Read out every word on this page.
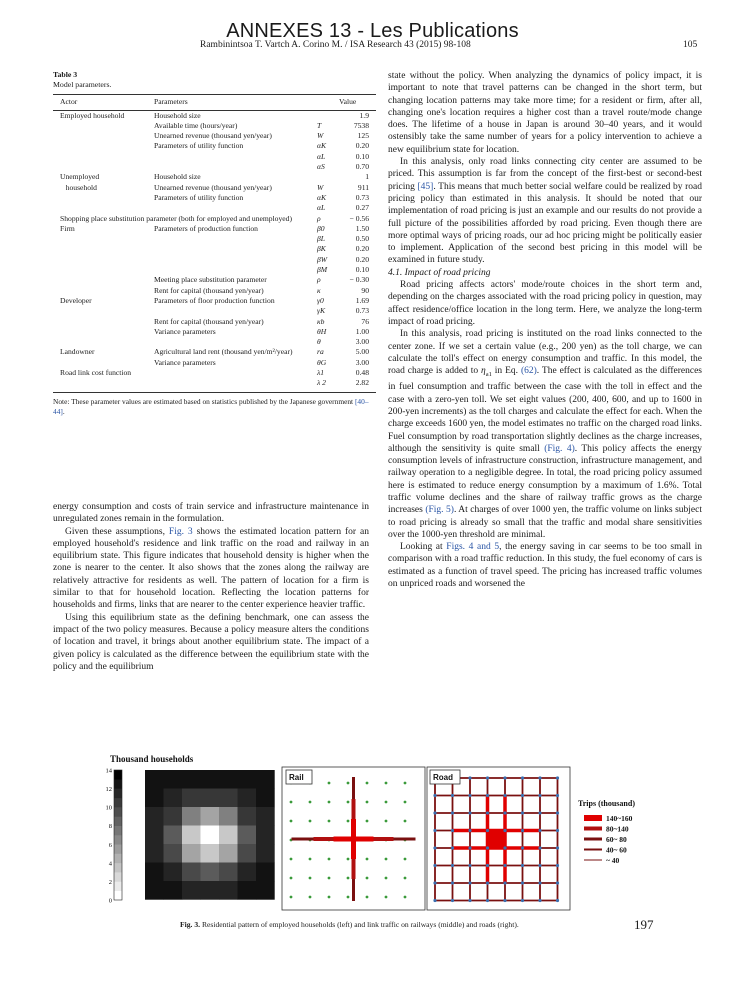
ANNEXES 13 - Les Publications
Rambinintsoa T. Vartch A. Corino M. / ISA Research 43 (2015) 98-108	105
Table 3
Model parameters.
Actor	Parameters		Value
Employed household	Household size		1.9
	Available time (hours/year)	T	7538
	Unearned revenue (thousand yen/year)	W	125
	Parameters of utility function	αK	0.20
		αL	0.10
		αS	0.70
Unemployed	Household size		1
household	Unearned revenue (thousand yen/year)	W	911
	Parameters of utility function	αK	0.73
		αL	0.27
Shopping place substitution parameter (both for employed and unemployed)		ρ	− 0.56
Firm	Parameters of production function	β0	1.50
		βL	0.50
		βK	0.20
		βW	0.20
		βM	0.10
	Meeting place substitution parameter	ρ	− 0.30
	Rent for capital (thousand yen/year)	κ	90
Developer	Parameters of floor production function	γ0	1.69
		γK	0.73
	Rent for capital (thousand yen/year)	κb	76
	Variance parameters	θH	1.00
		θ	3.00
Landowner	Agricultural land rent (thousand yen/m²/year)	ra	5.00
	Variance parameters	θG	3.00
Road link cost function		λ1	0.48
		λ 2	2.82
Note: These parameter values are estimated based on statistics published by the Japanese government [40–44].

energy consumption and costs of train service and infrastructure maintenance in unregulated zones remain in the formulation.

Given these assumptions, Fig. 3 shows the estimated location pattern for an employed household's residence and link traffic on the road and railway in an equilibrium state. This figure indicates that household density is higher when the zone is nearer to the center. It also shows that the zones along the railway are relatively attractive for residents as well. The pattern of location for a firm is similar to that for household location. Reflecting the location patterns for households and firms, links that are nearer to the center experience heavier traffic.

Using this equilibrium state as the defining benchmark, one can assess the impact of the two policy measures. Because a policy measure alters the conditions of location and travel, it brings about another equilibrium state. The impact of a given policy is calculated as the difference between the equilibrium state with the policy and the equilibrium

state without the policy. When analyzing the dynamics of policy impact, it is important to note that travel patterns can be changed in the short term, but changing location patterns may take more time; for a resident or firm, after all, changing one's location requires a higher cost than a travel route/mode change does. The lifetime of a house in Japan is around 30–40 years, and it would ostensibly take the same number of years for a policy intervention to achieve a new equilibrium state for location.

In this analysis, only road links connecting city center are assumed to be priced. This assumption is far from the concept of the first-best or second-best pricing [45]. This means that much better social welfare could be realized by road pricing policy than estimated in this analysis. It should be noted that our implementation of road pricing is just an example and our results do not provide a full picture of the possibilities afforded by road pricing. Even though there are more optimal ways of pricing roads, our ad hoc pricing might be politically easier to implement. Application of the second best pricing in this model will be examined in future study.

4.1. Impact of road pricing

Road pricing affects actors' mode/route choices in the short term and, depending on the charges associated with the road pricing policy in question, may affect residence/office location in the long term. Here, we analyze the long-term impact of road pricing.

In this analysis, road pricing is instituted on the road links connected to the center zone. If we set a certain value (e.g., 200 yen) as the toll charge, we can calculate the toll's effect on energy consumption and traffic. In this model, the road charge is added to $\eta_{a1}$ in Eq. (62). The effect is calculated as the differences in fuel consumption and traffic between the case with the toll in effect and the case with a zero-yen toll. We set eight values (200, 400, 600, and up to 1600 in 200-yen increments) as the toll charges and calculate the effect for each. When the charge exceeds 1600 yen, the model estimates no traffic on the charged road links. Fuel consumption by road transportation slightly declines as the charge increases, although the sensitivity is quite small (Fig. 4). This policy affects the energy consumption levels of infrastructure construction, infrastructure management, and railway operation to a negligible degree. In total, the road pricing policy assumed here is estimated to reduce energy consumption by a maximum of 1.6%. Total traffic volume declines and the share of railway traffic grows as the charge increases (Fig. 5). At charges of over 1000 yen, the traffic volume on links subject to road pricing is already so small that the traffic and modal share sensitivities over the 1000-yen threshold are minimal.

Looking at Figs. 4 and 5, the energy saving in car seems to be too small in comparison with a road traffic reduction. In this study, the fuel economy of cars is estimated as a function of travel speed. The pricing has increased traffic volumes on unpriced roads and worsened the

Thousand households
0
2
4
6
8
10
12
14
Rail	Road
Trips (thousand)
140~160
80~140
60~ 80
40~ 60
~ 40
Fig. 3. Residential pattern of employed households (left) and link traffic on railways (middle) and roads (right).	197
